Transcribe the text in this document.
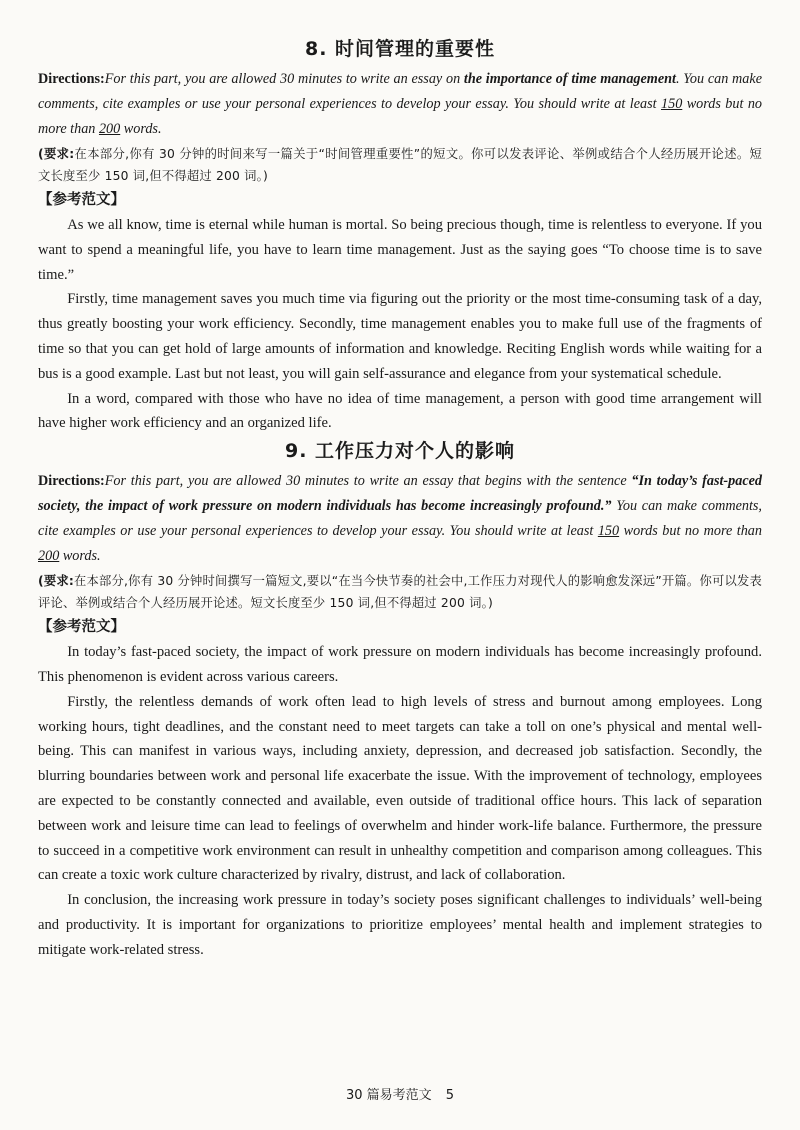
8. 时间管理的重要性

Directions:For this part, you are allowed 30 minutes to write an essay on the importance of time management. You can make comments, cite examples or use your personal experiences to develop your essay. You should write at least 150 words but no more than 200 words.

(要求:在本部分,你有 30 分钟的时间来写一篇关于“时间管理重要性”的短文。你可以发表评论、举例或结合个人经历展开论述。短文长度至少 150 词,但不得超过 200 词。)

【参考范文】

As we all know, time is eternal while human is mortal. So being precious though, time is relentless to everyone. If you want to spend a meaningful life, you have to learn time management. Just as the saying goes “To choose time is to save time.”

Firstly, time management saves you much time via figuring out the priority or the most time-consuming task of a day, thus greatly boosting your work efficiency. Secondly, time management enables you to make full use of the fragments of time so that you can get hold of large amounts of information and knowledge. Reciting English words while waiting for a bus is a good example. Last but not least, you will gain self-assurance and elegance from your systematical schedule.

In a word, compared with those who have no idea of time management, a person with good time arrangement will have higher work efficiency and an organized life.

9. 工作压力对个人的影响

Directions:For this part, you are allowed 30 minutes to write an essay that begins with the sentence “In today’s fast-paced society, the impact of work pressure on modern individuals has become increasingly profound.” You can make comments, cite examples or use your personal experiences to develop your essay. You should write at least 150 words but no more than 200 words.

(要求:在本部分,你有 30 分钟时间撰写一篇短文,要以“在当今快节奏的社会中,工作压力对现代人的影响愈发深远”开篇。你可以发表评论、举例或结合个人经历展开论述。短文长度至少 150 词,但不得超过 200 词。)

【参考范文】

In today’s fast-paced society, the impact of work pressure on modern individuals has become increasingly profound. This phenomenon is evident across various careers.

Firstly, the relentless demands of work often lead to high levels of stress and burnout among employees. Long working hours, tight deadlines, and the constant need to meet targets can take a toll on one’s physical and mental well-being. This can manifest in various ways, including anxiety, depression, and decreased job satisfaction. Secondly, the blurring boundaries between work and personal life exacerbate the issue. With the improvement of technology, employees are expected to be constantly connected and available, even outside of traditional office hours. This lack of separation between work and leisure time can lead to feelings of overwhelm and hinder work-life balance. Furthermore, the pressure to succeed in a competitive work environment can result in unhealthy competition and comparison among colleagues. This can create a toxic work culture characterized by rivalry, distrust, and lack of collaboration.

In conclusion, the increasing work pressure in today’s society poses significant challenges to individuals’ well-being and productivity. It is important for organizations to prioritize employees’ mental health and implement strategies to mitigate work-related stress.

30 篇易考范文 5
